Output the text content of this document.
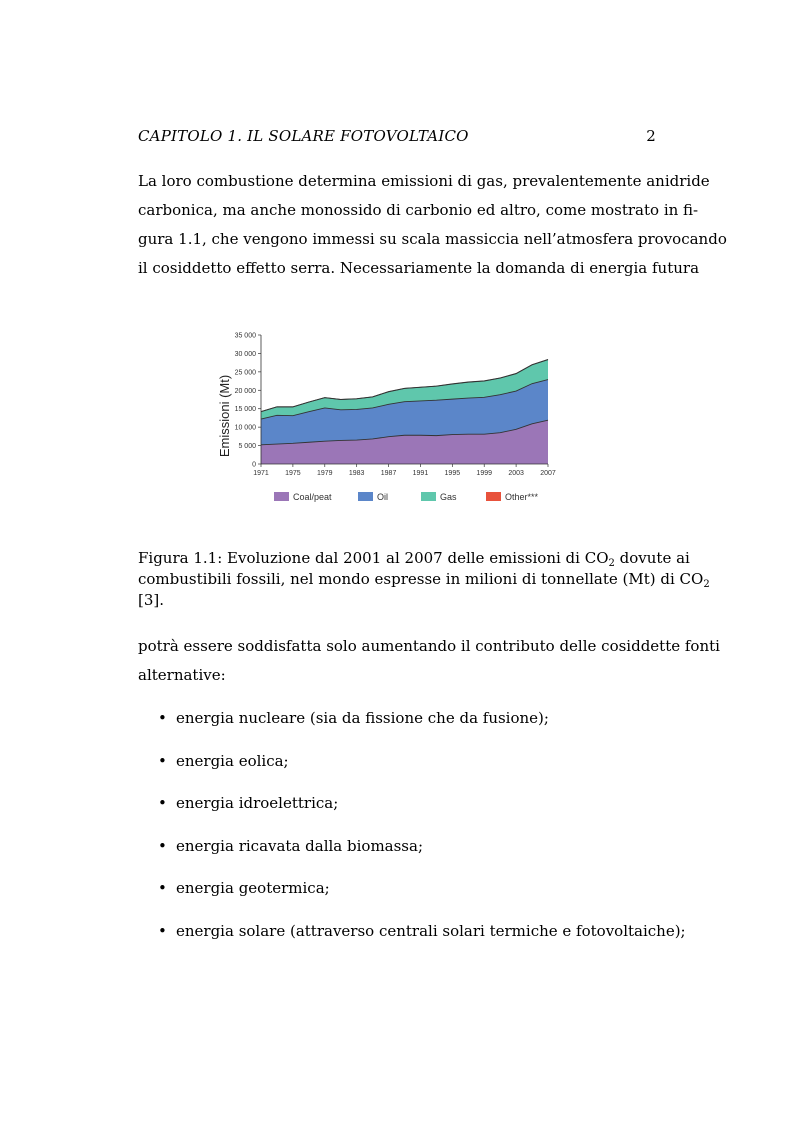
CAPITOLO 1. IL SOLARE FOTOVOLTAICO	2
La loro combustione determina emissioni di gas, prevalentemente anidride
carbonica, ma anche monossido di carbonio ed altro, come mostrato in fi-
gura 1.1, che vengono immessi su scala massiccia nell’atmosfera provocando
il cosiddetto effetto serra. Necessariamente la domanda di energia futura
0
5 000
10 000
15 000
20 000
25 000
30 000
35 000
1971 1975 1979 1983 1987 1991 1995 1999 2003 2007
Coal/peat	Oil	Gas	Other***
Emissioni (Mt)
Figura 1.1: Evoluzione dal 2001 al 2007 delle emissioni di $CO_2$ dovute ai
combustibili fossili, nel mondo espresse in milioni di tonnellate (Mt) di $CO_2$
[3].
potrà essere soddisfatta solo aumentando il contributo delle cosiddette fonti
alternative:
• energia nucleare (sia da fissione che da fusione);
• energia eolica;
• energia idroelettrica;
• energia ricavata dalla biomassa;
• energia geotermica;
• energia solare (attraverso centrali solari termiche e fotovoltaiche);
